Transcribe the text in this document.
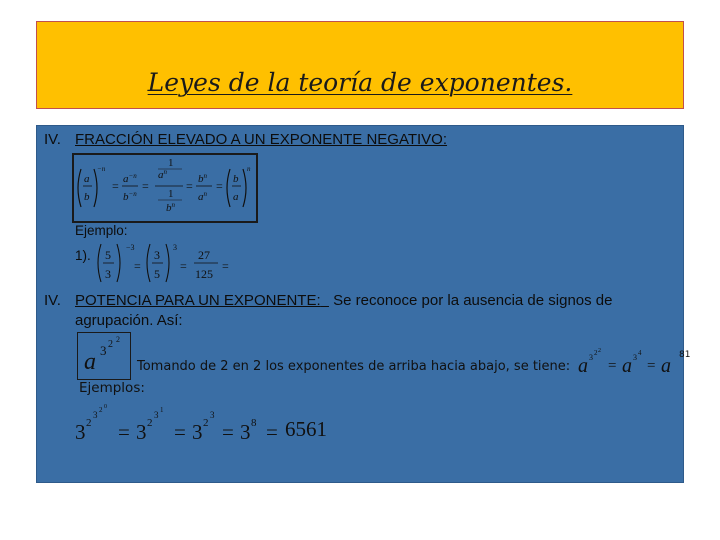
Leyes de la teoría de exponentes.
IV. FRACCIÓN ELEVADO A UN EXPONENTE NEGATIVO:
a
b
−n
= $a^{-n}$
$b^{-n}$
=
1
$a^n$
1
$b^n$
= $b^n$
$a^n$
= b
a
n
Ejemplo:
1). 5
3
−3
=
3
5
3
=
27
125
=
IV. POTENCIA PARA UN EXPONENTE: Se reconoce por la ausencia de signos de
agrupación. Así:
a 3 2 2
Tomando de 2 en 2 los exponentes de arriba hacia abajo, se tiene: a 3 2 2
= a 3 4
= a 81
Ejemplos:
3 2
3 2 0
= 3 2
3 1
= 3 2
3
= 3 8 = 6561
